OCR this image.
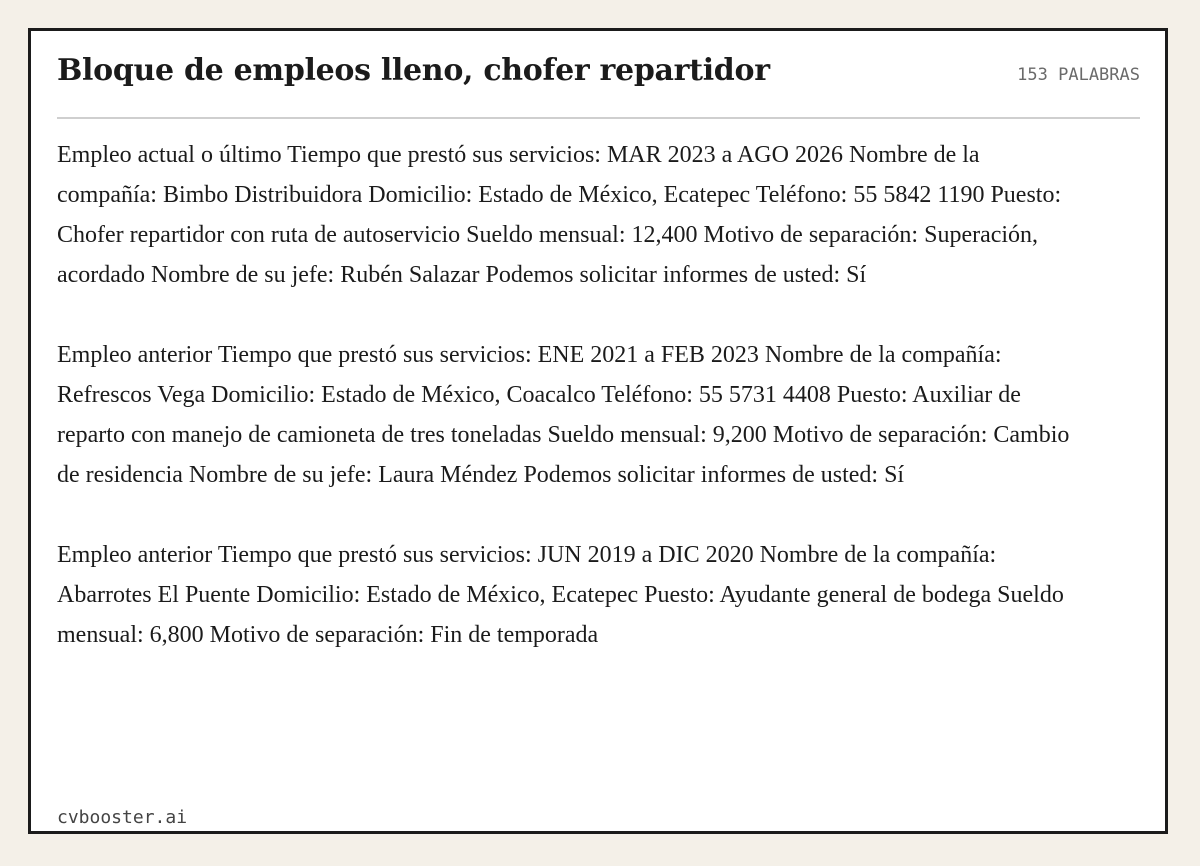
Bloque de empleos lleno, chofer repartidor	153 PALABRAS

Empleo actual o último Tiempo que prestó sus servicios: MAR 2023 a AGO 2026 Nombre de la compañía: Bimbo Distribuidora Domicilio: Estado de México, Ecatepec Teléfono: 55 5842 1190 Puesto: Chofer repartidor con ruta de autoservicio Sueldo mensual: 12,400 Motivo de separación: Superación, acordado Nombre de su jefe: Rubén Salazar Podemos solicitar informes de usted: Sí

Empleo anterior Tiempo que prestó sus servicios: ENE 2021 a FEB 2023 Nombre de la compañía: Refrescos Vega Domicilio: Estado de México, Coacalco Teléfono: 55 5731 4408 Puesto: Auxiliar de reparto con manejo de camioneta de tres toneladas Sueldo mensual: 9,200 Motivo de separación: Cambio de residencia Nombre de su jefe: Laura Méndez Podemos solicitar informes de usted: Sí

Empleo anterior Tiempo que prestó sus servicios: JUN 2019 a DIC 2020 Nombre de la compañía: Abarrotes El Puente Domicilio: Estado de México, Ecatepec Puesto: Ayudante general de bodega Sueldo mensual: 6,800 Motivo de separación: Fin de temporada

cvbooster.ai
